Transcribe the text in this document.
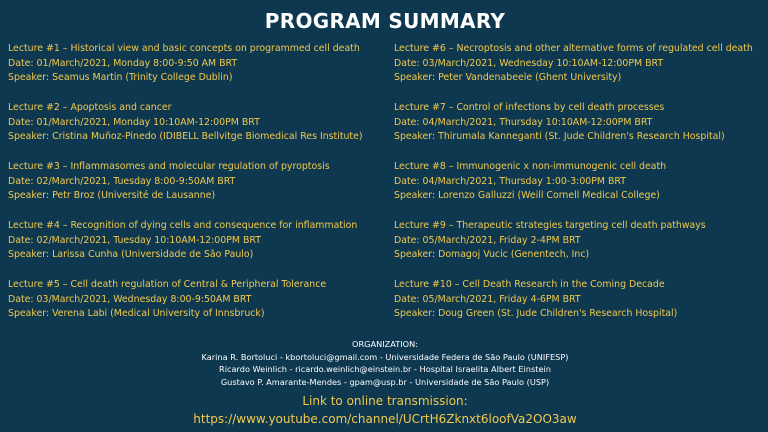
PROGRAM SUMMARY
Lecture #1 – Historical view and basic concepts on programmed cell death
Date: 01/March/2021, Monday 8:00-9:50 AM BRT
Speaker: Seamus Martin (Trinity College Dublin)
Lecture #2 – Apoptosis and cancer
Date: 01/March/2021, Monday 10:10AM-12:00PM BRT
Speaker: Cristina Muñoz-Pinedo (IDIBELL Bellvitge Biomedical Res Institute)
Lecture #3 – Inflammasomes and molecular regulation of pyroptosis
Date: 02/March/2021, Tuesday 8:00-9:50AM BRT
Speaker: Petr Broz (Université de Lausanne)
Lecture #4 – Recognition of dying cells and consequence for inflammation
Date: 02/March/2021, Tuesday 10:10AM-12:00PM BRT
Speaker: Larissa Cunha (Universidade de São Paulo)
Lecture #5 – Cell death regulation of Central & Peripheral Tolerance
Date: 03/March/2021, Wednesday 8:00-9:50AM BRT
Speaker: Verena Labi (Medical University of Innsbruck)
Lecture #6 – Necroptosis and other alternative forms of regulated cell death
Date: 03/March/2021, Wednesday 10:10AM-12:00PM BRT
Speaker: Peter Vandenabeele (Ghent University)
Lecture #7 – Control of infections by cell death processes
Date: 04/March/2021, Thursday 10:10AM-12:00PM BRT
Speaker: Thirumala Kanneganti (St. Jude Children's Research Hospital)
Lecture #8 – Immunogenic x non-immunogenic cell death
Date: 04/March/2021, Thursday 1:00-3:00PM BRT
Speaker: Lorenzo Galluzzi (Weill Cornell Medical College)
Lecture #9 – Therapeutic strategies targeting cell death pathways
Date: 05/March/2021, Friday 2-4PM BRT
Speaker: Domagoj Vucic (Genentech, Inc)
Lecture #10 – Cell Death Research in the Coming Decade
Date: 05/March/2021, Friday 4-6PM BRT
Speaker: Doug Green (St. Jude Children's Research Hospital)
ORGANIZATION:
Karina R. Bortoluci - kbortoluci@gmail.com - Universidade Federa de São Paulo (UNIFESP)
Ricardo Weinlich - ricardo.weinlich@einstein.br - Hospital Israelita Albert Einstein
Gustavo P. Amarante-Mendes - gpam@usp.br - Universidade de São Paulo (USP)
Link to online transmission:
https://www.youtube.com/channel/UCrtH6Zknxt6loofVa2OO3aw
